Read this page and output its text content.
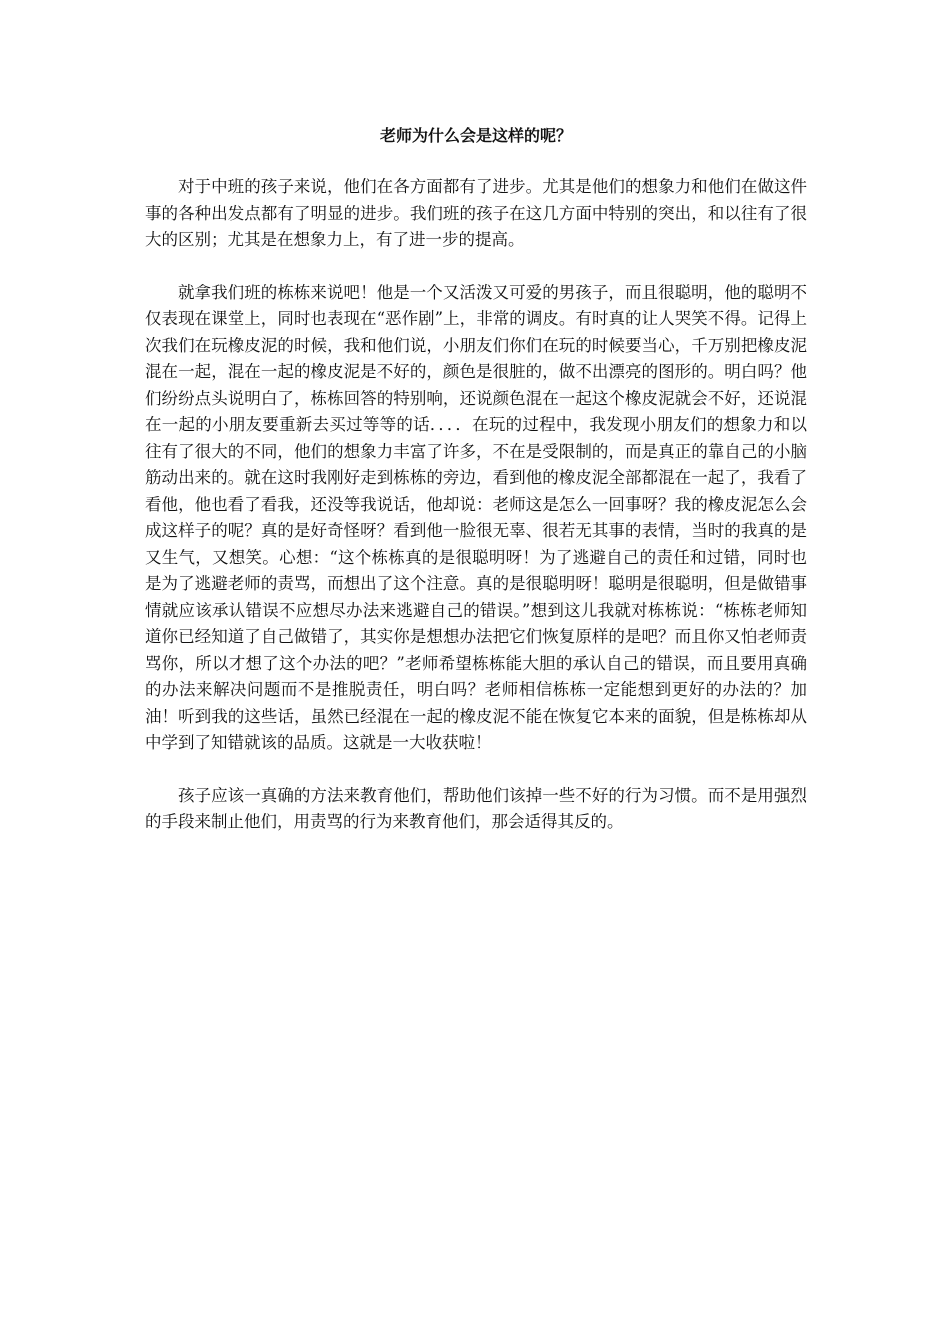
老师为什么会是这样的呢？

对于中班的孩子来说，他们在各方面都有了进步。尤其是他们的想象力和他们在做这件事的各种出发点都有了明显的进步。我们班的孩子在这几方面中特别的突出，和以往有了很大的区别；尤其是在想象力上，有了进一步的提高。

就拿我们班的栋栋来说吧！他是一个又活泼又可爱的男孩子，而且很聪明，他的聪明不仅表现在课堂上，同时也表现在“恶作剧”上，非常的调皮。有时真的让人哭笑不得。记得上次我们在玩橡皮泥的时候，我和他们说，小朋友们你们在玩的时候要当心，千万别把橡皮泥混在一起，混在一起的橡皮泥是不好的，颜色是很脏的，做不出漂亮的图形的。明白吗？他们纷纷点头说明白了，栋栋回答的特别响，还说颜色混在一起这个橡皮泥就会不好，还说混在一起的小朋友要重新去买过等等的话．．．．在玩的过程中，我发现小朋友们的想象力和以往有了很大的不同，他们的想象力丰富了许多，不在是受限制的，而是真正的靠自己的小脑筋动出来的。就在这时我刚好走到栋栋的旁边，看到他的橡皮泥全部都混在一起了，我看了看他，他也看了看我，还没等我说话，他却说：老师这是怎么一回事呀？我的橡皮泥怎么会成这样子的呢？真的是好奇怪呀？看到他一脸很无辜、很若无其事的表情，当时的我真的是又生气，又想笑。心想：“这个栋栋真的是很聪明呀！为了逃避自己的责任和过错，同时也是为了逃避老师的责骂，而想出了这个注意。真的是很聪明呀！聪明是很聪明，但是做错事情就应该承认错误不应想尽办法来逃避自己的错误。”想到这儿我就对栋栋说：“栋栋老师知道你已经知道了自己做错了，其实你是想想办法把它们恢复原样的是吧？而且你又怕老师责骂你，所以才想了这个办法的吧？”老师希望栋栋能大胆的承认自己的错误，而且要用真确的办法来解决问题而不是推脱责任，明白吗？老师相信栋栋一定能想到更好的办法的？加油！听到我的这些话，虽然已经混在一起的橡皮泥不能在恢复它本来的面貌，但是栋栋却从中学到了知错就该的品质。这就是一大收获啦！

孩子应该一真确的方法来教育他们，帮助他们该掉一些不好的行为习惯。而不是用强烈的手段来制止他们，用责骂的行为来教育他们，那会适得其反的。
